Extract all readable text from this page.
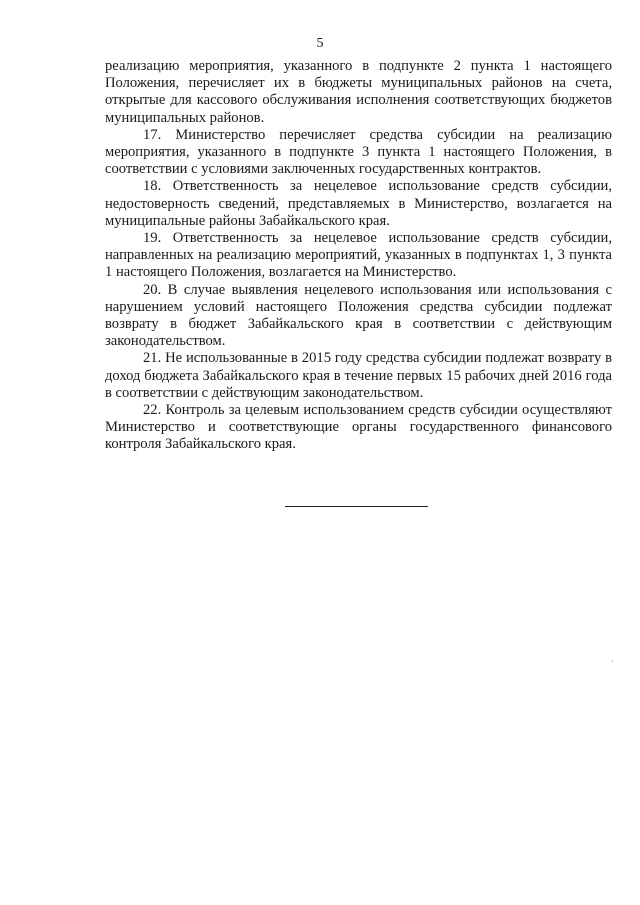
5

реализацию мероприятия, указанного в подпункте 2 пункта 1 настоящего Положения, перечисляет их в бюджеты муниципальных районов на счета, открытые для кассового обслуживания исполнения соответствующих бюджетов муниципальных районов.

17. Министерство перечисляет средства субсидии на реализацию мероприятия, указанного в подпункте 3 пункта 1 настоящего Положения, в соответствии с условиями заключенных государственных контрактов.

18. Ответственность за нецелевое использование средств субсидии, недостоверность сведений, представляемых в Министерство, возлагается на муниципальные районы Забайкальского края.

19. Ответственность за нецелевое использование средств субсидии, направленных на реализацию мероприятий, указанных в подпунктах 1, 3 пункта 1 настоящего Положения, возлагается на Министерство.

20. В случае выявления нецелевого использования или использования с нарушением условий настоящего Положения средства субсидии подлежат возврату в бюджет Забайкальского края в соответствии с действующим законодательством.

21. Не использованные в 2015 году средства субсидии подлежат возврату в доход бюджета Забайкальского края в течение первых 15 рабочих дней 2016 года в соответствии с действующим законодательством.

22. Контроль за целевым использованием средств субсидии осуществляют Министерство и соответствующие органы государственного финансового контроля Забайкальского края.
